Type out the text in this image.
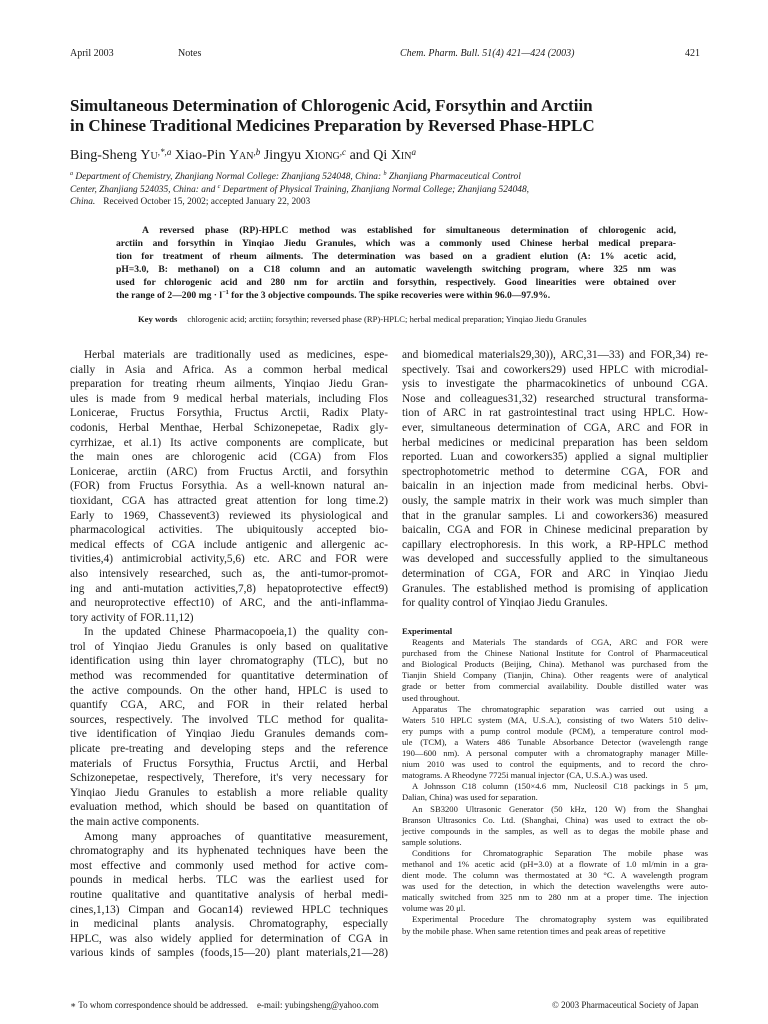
April 2003	Notes	Chem. Pharm. Bull. 51(4) 421—424 (2003)	421
Simultaneous Determination of Chlorogenic Acid, Forsythin and Arctiin
in Chinese Traditional Medicines Preparation by Reversed Phase-HPLC
Bing-Sheng $Yu^{,*,a}$ Xiao-Pin Yan$^{,b}$ Jingyu Xiong$^{,c}$ and Qi Xin$^a$
$^a$ Department of Chemistry, Zhanjiang Normal College: Zhanjiang 524048, China: $^b$ Zhanjiang Pharmaceutical Control
Center, Zhanjiang 524035, China: and $^c$ Department of Physical Training, Zhanjiang Normal College; Zhanjiang 524048,
China. Received October 15, 2002; accepted January 22, 2003
A reversed phase (RP)-HPLC method was established for simultaneous determination of chlorogenic acid,
arctiin and forsythin in Yinqiao Jiedu Granules, which was a commonly used Chinese herbal medical prepara-
tion for treatment of rheum ailments. The determination was based on a gradient elution (A: 1% acetic acid,
pH=3.0, B: methanol) on a C18 column and an automatic wavelength switching program, where 325 nm was
used for chlorogenic acid and 280 nm for arctiin and forsythin, respectively. Good linearities were obtained over
the range of 2—200 mg · $l^{-1}$ for the 3 objective compounds. The spike recoveries were within 96.0—97.9%.
Key words chlorogenic acid; arctiin; forsythin; reversed phase (RP)-HPLC; herbal medical preparation; Yinqiao Jiedu Granules
Herbal materials are traditionally used as medicines, espe-
cially in Asia and Africa. As a common herbal medical
preparation for treating rheum ailments, Yinqiao Jiedu Gran-
ules is made from 9 medical herbal materials, including Flos
Lonicerae, Fructus Forsythia, Fructus Arctii, Radix Platy-
codonis, Herbal Menthae, Herbal Schizonepetae, Radix gly-
cyrrhizae, et al.1) Its active components are complicate, but
the main ones are chlorogenic acid (CGA) from Flos
Lonicerae, arctiin (ARC) from Fructus Arctii, and forsythin
(FOR) from Fructus Forsythia. As a well-known natural an-
tioxidant, CGA has attracted great attention for long time.2)
Early to 1969, Chassevent3) reviewed its physiological and
pharmacological activities. The ubiquitously accepted bio-
medical effects of CGA include antigenic and allergenic ac-
tivities,4) antimicrobial activity,5,6) etc. ARC and FOR were
also intensively researched, such as, the anti-tumor-promot-
ing and anti-mutation activities,7,8) hepatoprotective effect9)
and neuroprotective effect10) of ARC, and the anti-inflamma-
tory activity of FOR.11,12)
In the updated Chinese Pharmacopoeia,1) the quality con-
trol of Yinqiao Jiedu Granules is only based on qualitative
identification using thin layer chromatography (TLC), but no
method was recommended for quantitative determination of
the active compounds. On the other hand, HPLC is used to
quantify CGA, ARC, and FOR in their related herbal
sources, respectively. The involved TLC method for qualita-
tive identification of Yinqiao Jiedu Granules demands com-
plicate pre-treating and developing steps and the reference
materials of Fructus Forsythia, Fructus Arctii, and Herbal
Schizonepetae, respectively, Therefore, it's very necessary for
Yinqiao Jiedu Granules to establish a more reliable quality
evaluation method, which should be based on quantitation of
the main active components.
Among many approaches of quantitative measurement,
chromatography and its hyphenated techniques have been the
most effective and commonly used method for active com-
pounds in medical herbs. TLC was the earliest used for
routine qualitative and quantitative analysis of herbal medi-
cines,1,13) Cimpan and Gocan14) reviewed HPLC techniques
in medicinal plants analysis. Chromatography, especially
HPLC, was also widely applied for determination of CGA in
various kinds of samples (foods,15—20) plant materials,21—28)
and biomedical materials29,30)), ARC,31—33) and FOR,34) re-
spectively. Tsai and coworkers29) used HPLC with microdial-
ysis to investigate the pharmacokinetics of unbound CGA.
Nose and colleagues31,32) researched structural transforma-
tion of ARC in rat gastrointestinal tract using HPLC. How-
ever, simultaneous determination of CGA, ARC and FOR in
herbal medicines or medicinal preparation has been seldom
reported. Luan and coworkers35) applied a signal multiplier
spectrophotometric method to determine CGA, FOR and
baicalin in an injection made from medicinal herbs. Obvi-
ously, the sample matrix in their work was much simpler than
that in the granular samples. Li and coworkers36) measured
baicalin, CGA and FOR in Chinese medicinal preparation by
capillary electrophoresis. In this work, a RP-HPLC method
was developed and successfully applied to the simultaneous
determination of CGA, FOR and ARC in Yinqiao Jiedu
Granules. The established method is promising of application
for quality control of Yinqiao Jiedu Granules.
Experimental
Reagents and Materials The standards of CGA, ARC and FOR were
purchased from the Chinese National Institute for Control of Pharmaceutical
and Biological Products (Beijing, China). Methanol was purchased from the
Tianjin Shield Company (Tianjin, China). Other reagents were of analytical
grade or better from commercial availability. Double distilled water was
used throughout.
Apparatus The chromatographic separation was carried out using a
Waters 510 HPLC system (MA, U.S.A.), consisting of two Waters 510 deliv-
ery pumps with a pump control module (PCM), a temperature control mod-
ule (TCM), a Waters 486 Tunable Absorbance Detector (wavelength range
190—600 nm). A personal computer with a chromatography manager Mille-
nium 2010 was used to control the equipments, and to record the chro-
matograms. A Rheodyne 7725i manual injector (CA, U.S.A.) was used.
A Johnsson C18 column (150×4.6 mm, Nucleosil C18 packings in 5 μm,
Dalian, China) was used for separation.
An SB3200 Ultrasonic Generator (50 kHz, 120 W) from the Shanghai
Branson Ultrasonics Co. Ltd. (Shanghai, China) was used to extract the ob-
jective compounds in the samples, as well as to degas the mobile phase and
sample solutions.
Conditions for Chromatographic Separation The mobile phase was
methanol and 1% acetic acid (pH=3.0) at a flowrate of 1.0 ml/min in a gra-
dient mode. The column was thermostated at 30 °C. A wavelength program
was used for the detection, in which the detection wavelengths were auto-
matically switched from 325 nm to 280 nm at a proper time. The injection
volume was 20 μl.
Experimental Procedure The chromatography system was equilibrated
by the mobile phase. When same retention times and peak areas of repetitive
∗ To whom correspondence should be addressed. e-mail: yubingsheng@yahoo.com	© 2003 Pharmaceutical Society of Japan
